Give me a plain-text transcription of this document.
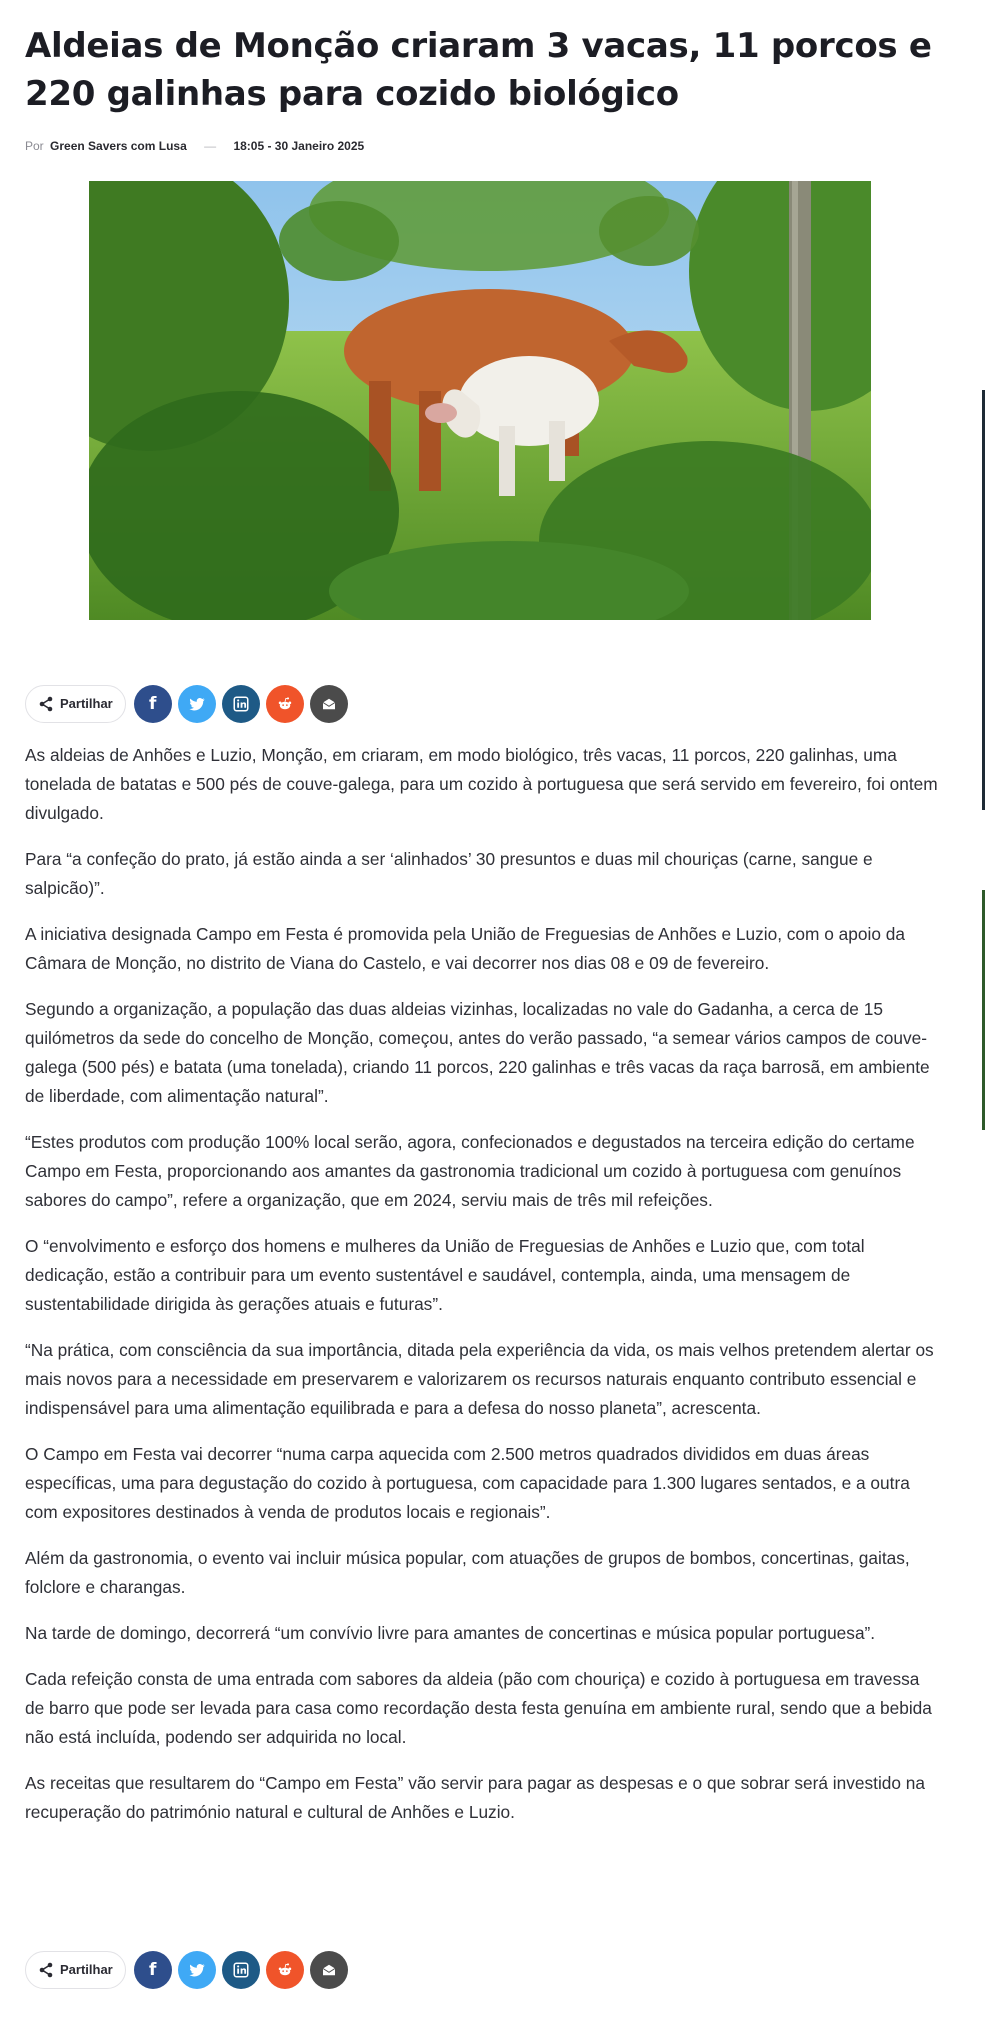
Aldeias de Monção criaram 3 vacas, 11 porcos e 220 galinhas para cozido biológico
Por Green Savers com Lusa — 18:05 - 30 Janeiro 2025
Partilhar f

As aldeias de Anhões e Luzio, Monção, em criaram, em modo biológico, três vacas, 11 porcos, 220 galinhas, uma tonelada de batatas e 500 pés de couve-galega, para um cozido à portuguesa que será servido em fevereiro, foi ontem divulgado.

Para “a confeção do prato, já estão ainda a ser ‘alinhados’ 30 presuntos e duas mil chouriças (carne, sangue e salpicão)”.

A iniciativa designada Campo em Festa é promovida pela União de Freguesias de Anhões e Luzio, com o apoio da Câmara de Monção, no distrito de Viana do Castelo, e vai decorrer nos dias 08 e 09 de fevereiro.

Segundo a organização, a população das duas aldeias vizinhas, localizadas no vale do Gadanha, a cerca de 15 quilómetros da sede do concelho de Monção, começou, antes do verão passado, “a semear vários campos de couve-galega (500 pés) e batata (uma tonelada), criando 11 porcos, 220 galinhas e três vacas da raça barrosã, em ambiente de liberdade, com alimentação natural”.

“Estes produtos com produção 100% local serão, agora, confecionados e degustados na terceira edição do certame Campo em Festa, proporcionando aos amantes da gastronomia tradicional um cozido à portuguesa com genuínos sabores do campo”, refere a organização, que em 2024, serviu mais de três mil refeições.

O “envolvimento e esforço dos homens e mulheres da União de Freguesias de Anhões e Luzio que, com total dedicação, estão a contribuir para um evento sustentável e saudável, contempla, ainda, uma mensagem de sustentabilidade dirigida às gerações atuais e futuras”.

“Na prática, com consciência da sua importância, ditada pela experiência da vida, os mais velhos pretendem alertar os mais novos para a necessidade em preservarem e valorizarem os recursos naturais enquanto contributo essencial e indispensável para uma alimentação equilibrada e para a defesa do nosso planeta”, acrescenta.

O Campo em Festa vai decorrer “numa carpa aquecida com 2.500 metros quadrados divididos em duas áreas específicas, uma para degustação do cozido à portuguesa, com capacidade para 1.300 lugares sentados, e a outra com expositores destinados à venda de produtos locais e regionais”.

Além da gastronomia, o evento vai incluir música popular, com atuações de grupos de bombos, concertinas, gaitas, folclore e charangas.

Na tarde de domingo, decorrerá “um convívio livre para amantes de concertinas e música popular portuguesa”.

Cada refeição consta de uma entrada com sabores da aldeia (pão com chouriça) e cozido à portuguesa em travessa de barro que pode ser levada para casa como recordação desta festa genuína em ambiente rural, sendo que a bebida não está incluída, podendo ser adquirida no local.

As receitas que resultarem do “Campo em Festa” vão servir para pagar as despesas e o que sobrar será investido na recuperação do património natural e cultural de Anhões e Luzio.

Partilhar f
